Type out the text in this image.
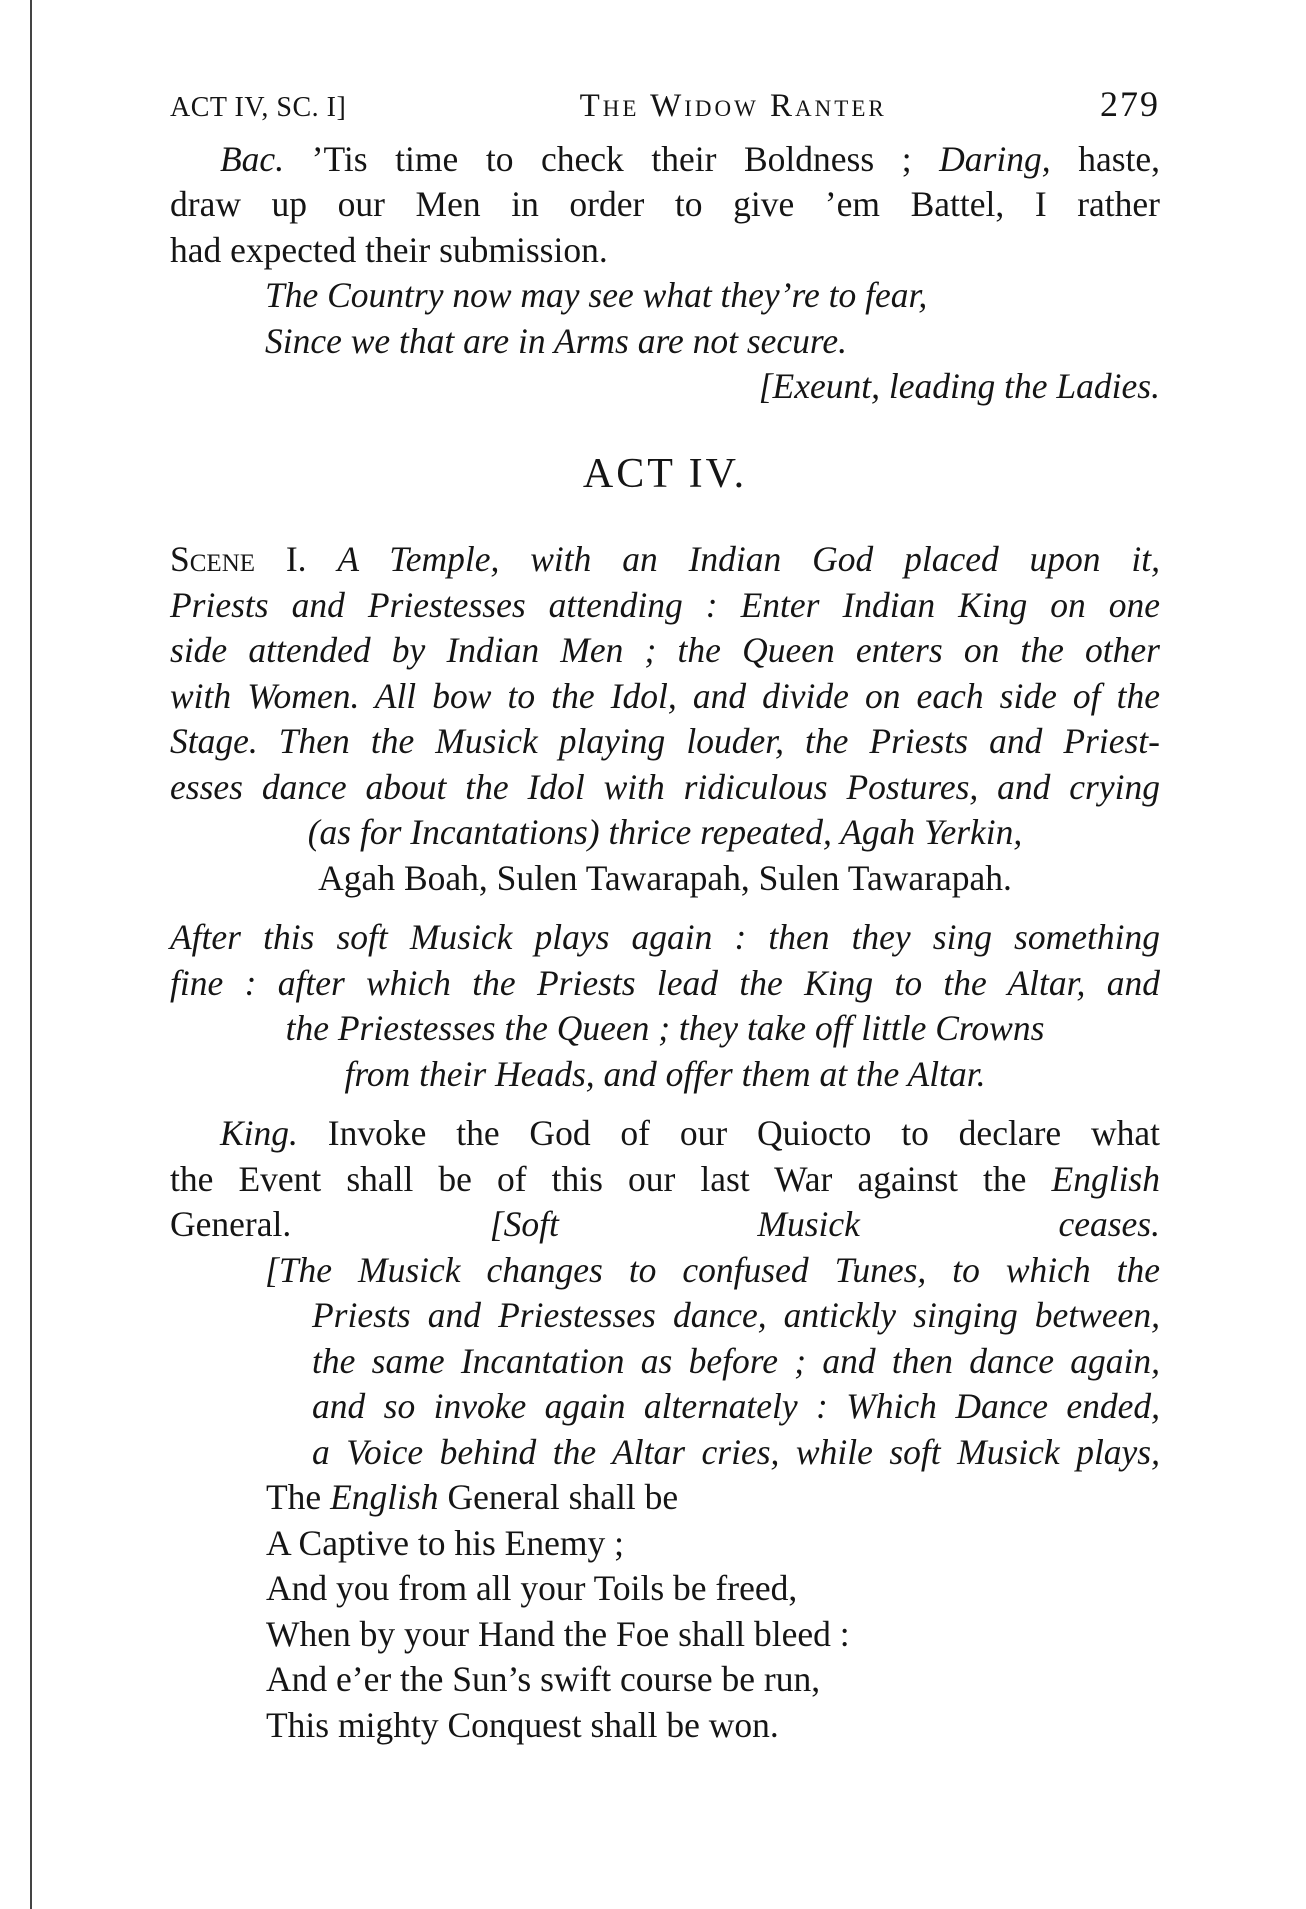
ACT IV, SC. I]	The Widow Ranter	279

Bac. ’Tis time to check their Boldness ; Daring, haste,

draw up our Men in order to give ’em Battel, I rather

had expected their submission.

The Country now may see what they’re to fear,

Since we that are in Arms are not secure.

[Exeunt, leading the Ladies.

ACT IV.

Scene I. A Temple, with an Indian God placed upon it,

Priests and Priestesses attending : Enter Indian King on one

side attended by Indian Men ; the Queen enters on the other

with Women. All bow to the Idol, and divide on each side of the

Stage. Then the Musick playing louder, the Priests and Priest-

esses dance about the Idol with ridiculous Postures, and crying

(as for Incantations) thrice repeated, Agah Yerkin,

Agah Boah, Sulen Tawarapah, Sulen Tawarapah.

After this soft Musick plays again : then they sing something

fine : after which the Priests lead the King to the Altar, and

the Priestesses the Queen ; they take off little Crowns

from their Heads, and offer them at the Altar.

King. Invoke the God of our Quiocto to declare what

the Event shall be of this our last War against the English

General.	[Soft Musick ceases.

[The Musick changes to confused Tunes, to which the

Priests and Priestesses dance, antickly singing between,

the same Incantation as before ; and then dance again,

and so invoke again alternately : Which Dance ended,

a Voice behind the Altar cries, while soft Musick plays,

The English General shall be

A Captive to his Enemy ;

And you from all your Toils be freed,

When by your Hand the Foe shall bleed :

And e’er the Sun’s swift course be run,

This mighty Conquest shall be won.
